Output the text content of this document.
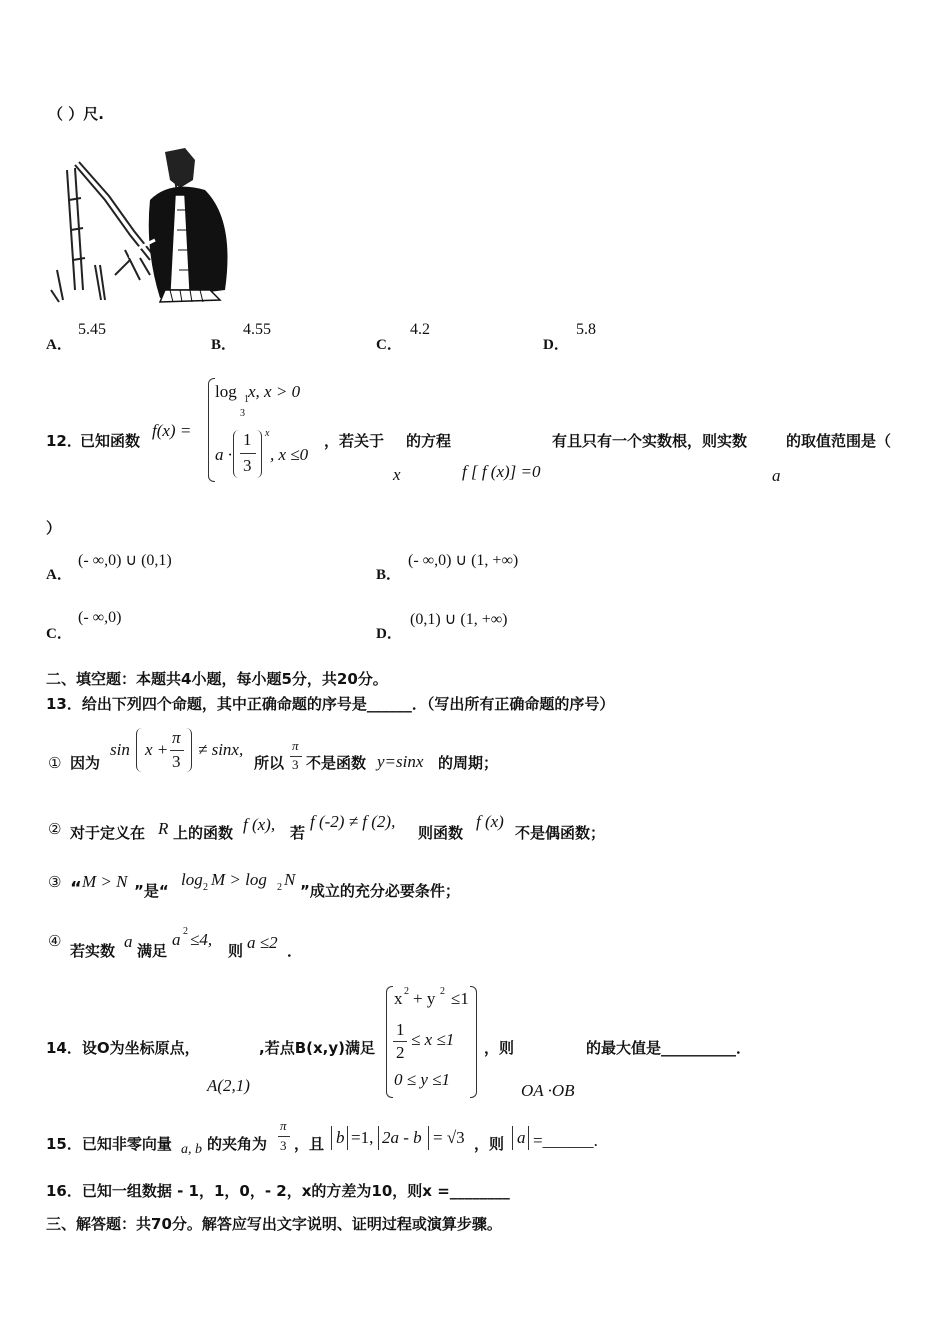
（ ）尺.
A．
5.45
B．
4.55
C．
4.2
D．
5.8
12．
已知函数
f(x) =
log 1
3
x, x > 0
a ·
1
3
x
, x ≤0
，若关于 的方程
x	f [ f (x)] =0
有且只有一个实数根，则实数	的取值范围是（
a
）
A．
(- ∞,0) ∪ (0,1)
B．
(- ∞,0) ∪ (1, +∞)
C．
(- ∞,0)
D．
(0,1) ∪ (1, +∞)
二、填空题：本题共4小题，每小题5分，共20分。
13．给出下列四个命题，其中正确命题的序号是______．（写出所有正确命题的序号）
① 因为
sin x +
π
3
≠ sinx,
所以
π
3 不是函数 y=sinx 的周期；
② 对于定义在 R 上的函数 f (x), 若
f (-2) ≠ f (2),
则函数
f (x)
不是偶函数；
③ “ M > N ”是“
log 2 M > log 2 N
”成立的充分必要条件；
④
若实数 a 满足
a 2 ≤4,
则 a ≤2 ．
14．设O为坐标原点，
A(2,1)
,若点B(x,y)满足
x 2 + y 2 ≤1
1
2
≤ x ≤1
0 ≤ y ≤1
，则
OA ·OB
的最大值是__________．
15．已知非零向量 a, b 的夹角为
π
3 ，且 b =1, 2a - b = √3 ，则 a =______.
16．已知一组数据 - 1，1，0，- 2，x的方差为10，则x =________
三、解答题：共70分。解答应写出文字说明、证明过程或演算步骤。
